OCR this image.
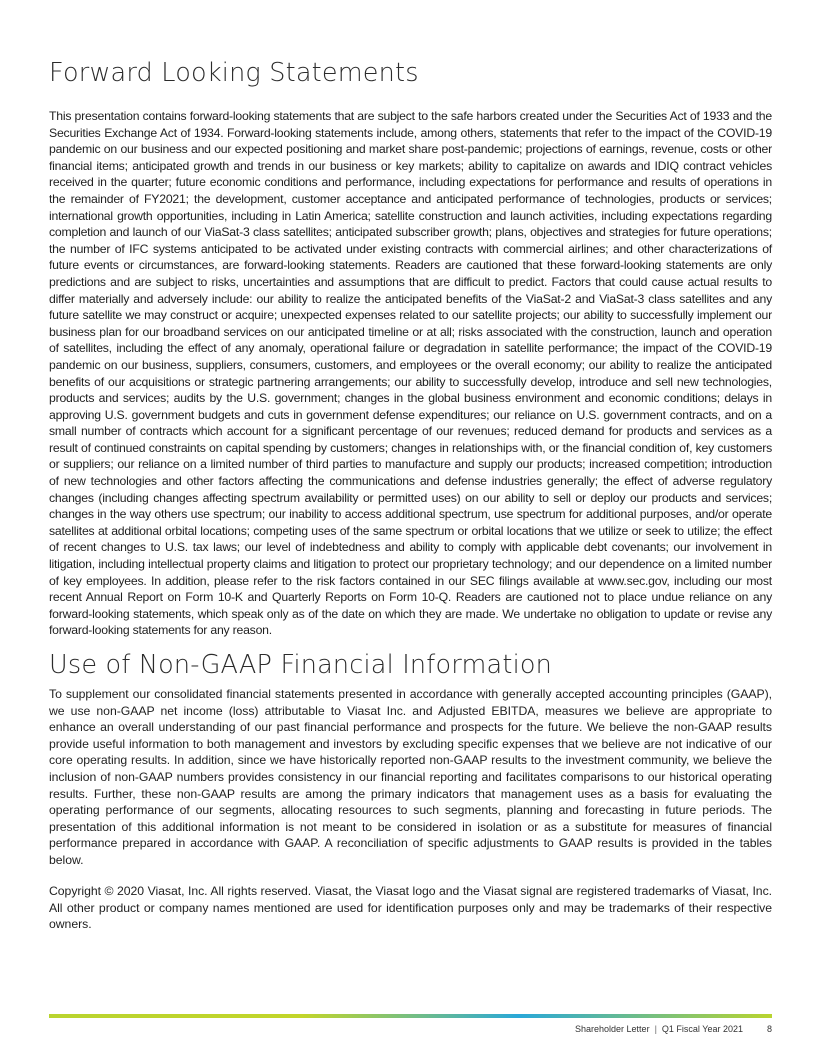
Forward Looking Statements

This presentation contains forward-looking statements that are subject to the safe harbors created under the Securities Act of 1933 and the Securities Exchange Act of 1934. Forward-looking statements include, among others, statements that refer to the impact of the COVID-19 pandemic on our business and our expected positioning and market share post-pandemic; projections of earnings, revenue, costs or other financial items; anticipated growth and trends in our business or key markets; ability to capitalize on awards and IDIQ contract vehicles received in the quarter; future economic conditions and performance, including expectations for performance and results of operations in the remainder of FY2021; the development, customer acceptance and anticipated performance of technologies, products or services; international growth opportunities, including in Latin America; satellite construction and launch activities, including expectations regarding completion and launch of our ViaSat-3 class satellites; anticipated subscriber growth; plans, objectives and strategies for future operations; the number of IFC systems anticipated to be activated under existing contracts with commercial airlines; and other characterizations of future events or circumstances, are forward-looking statements. Readers are cautioned that these forward-looking statements are only predictions and are subject to risks, uncertainties and assumptions that are difficult to predict. Factors that could cause actual results to differ materially and adversely include: our ability to realize the anticipated benefits of the ViaSat-2 and ViaSat-3 class satellites and any future satellite we may construct or acquire; unexpected expenses related to our satellite projects; our ability to successfully implement our business plan for our broadband services on our anticipated timeline or at all; risks associated with the construction, launch and operation of satellites, including the effect of any anomaly, operational failure or degradation in satellite performance; the impact of the COVID-19 pandemic on our business, suppliers, consumers, customers, and employees or the overall economy; our ability to realize the anticipated benefits of our acquisitions or strategic partnering arrangements; our ability to successfully develop, introduce and sell new technologies, products and services; audits by the U.S. government; changes in the global business environment and economic conditions; delays in approving U.S. government budgets and cuts in government defense expenditures; our reliance on U.S. government contracts, and on a small number of contracts which account for a significant percentage of our revenues; reduced demand for products and services as a result of continued constraints on capital spending by customers; changes in relationships with, or the financial condition of, key customers or suppliers; our reliance on a limited number of third parties to manufacture and supply our products; increased competition; introduction of new technologies and other factors affecting the communications and defense industries generally; the effect of adverse regulatory changes (including changes affecting spectrum availability or permitted uses) on our ability to sell or deploy our products and services; changes in the way others use spectrum; our inability to access additional spectrum, use spectrum for additional purposes, and/or operate satellites at additional orbital locations; competing uses of the same spectrum or orbital locations that we utilize or seek to utilize; the effect of recent changes to U.S. tax laws; our level of indebtedness and ability to comply with applicable debt covenants; our involvement in litigation, including intellectual property claims and litigation to protect our proprietary technology; and our dependence on a limited number of key employees. In addition, please refer to the risk factors contained in our SEC filings available at www.sec.gov, including our most recent Annual Report on Form 10-K and Quarterly Reports on Form 10-Q. Readers are cautioned not to place undue reliance on any forward-looking statements, which speak only as of the date on which they are made. We undertake no obligation to update or revise any forward-looking statements for any reason.

Use of Non-GAAP Financial Information

To supplement our consolidated financial statements presented in accordance with generally accepted accounting principles (GAAP), we use non-GAAP net income (loss) attributable to Viasat Inc. and Adjusted EBITDA, measures we believe are appropriate to enhance an overall understanding of our past financial performance and prospects for the future. We believe the non-GAAP results provide useful information to both management and investors by excluding specific expenses that we believe are not indicative of our core operating results. In addition, since we have historically reported non-GAAP results to the investment community, we believe the inclusion of non-GAAP numbers provides consistency in our financial reporting and facilitates comparisons to our historical operating results. Further, these non-GAAP results are among the primary indicators that management uses as a basis for evaluating the operating performance of our segments, allocating resources to such segments, planning and forecasting in future periods. The presentation of this additional information is not meant to be considered in isolation or as a substitute for measures of financial performance prepared in accordance with GAAP. A reconciliation of specific adjustments to GAAP results is provided in the tables below.

Copyright © 2020 Viasat, Inc. All rights reserved. Viasat, the Viasat logo and the Viasat signal are registered trademarks of Viasat, Inc. All other product or company names mentioned are used for identification purposes only and may be trademarks of their respective owners.

Shareholder Letter | Q1 Fiscal Year 2021	8
